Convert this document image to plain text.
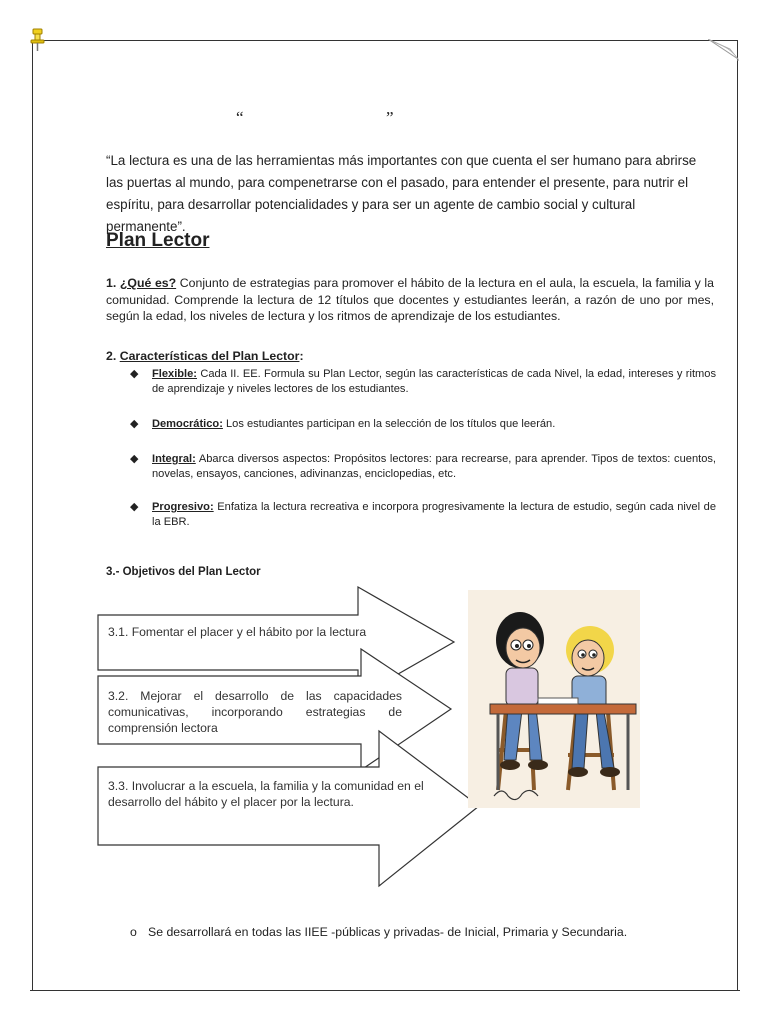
“	”
“La lectura es una de las herramientas más importantes con que cuenta el ser humano para abrirse las puertas al mundo, para compenetrarse con el pasado, para entender el presente, para nutrir el espíritu, para desarrollar potencialidades y para ser un agente de cambio social y cultural permanente”.
Plan Lector
1. ¿Qué es? Conjunto de estrategias para promover el hábito de la lectura en el aula, la escuela, la familia y la comunidad. Comprende la lectura de 12 títulos que docentes y estudiantes leerán, a razón de uno por mes, según la edad, los niveles de lectura y los ritmos de aprendizaje de los estudiantes.
2. Características del Plan Lector:
◆ Flexible: Cada II. EE. Formula su Plan Lector, según las características de cada Nivel, la edad, intereses y ritmos de aprendizaje y niveles lectores de los estudiantes.
◆ Democrático: Los estudiantes participan en la selección de los títulos que leerán.
◆ Integral: Abarca diversos aspectos: Propósitos lectores: para recrearse, para aprender. Tipos de textos: cuentos, novelas, ensayos, canciones, adivinanzas, enciclopedias, etc.
◆ Progresivo: Enfatiza la lectura recreativa e incorpora progresivamente la lectura de estudio, según cada nivel de la EBR.
3.- Objetivos del Plan Lector
3.1. Fomentar el placer y el hábito por la lectura
3.2. Mejorar el desarrollo de las capacidades comunicativas, incorporando estrategias de comprensión lectora
3.3. Involucrar a la escuela, la familia y la comunidad en el desarrollo del hábito y el placer por la lectura.
o Se desarrollará en todas las IIEE -públicas y privadas- de Inicial, Primaria y Secundaria.
